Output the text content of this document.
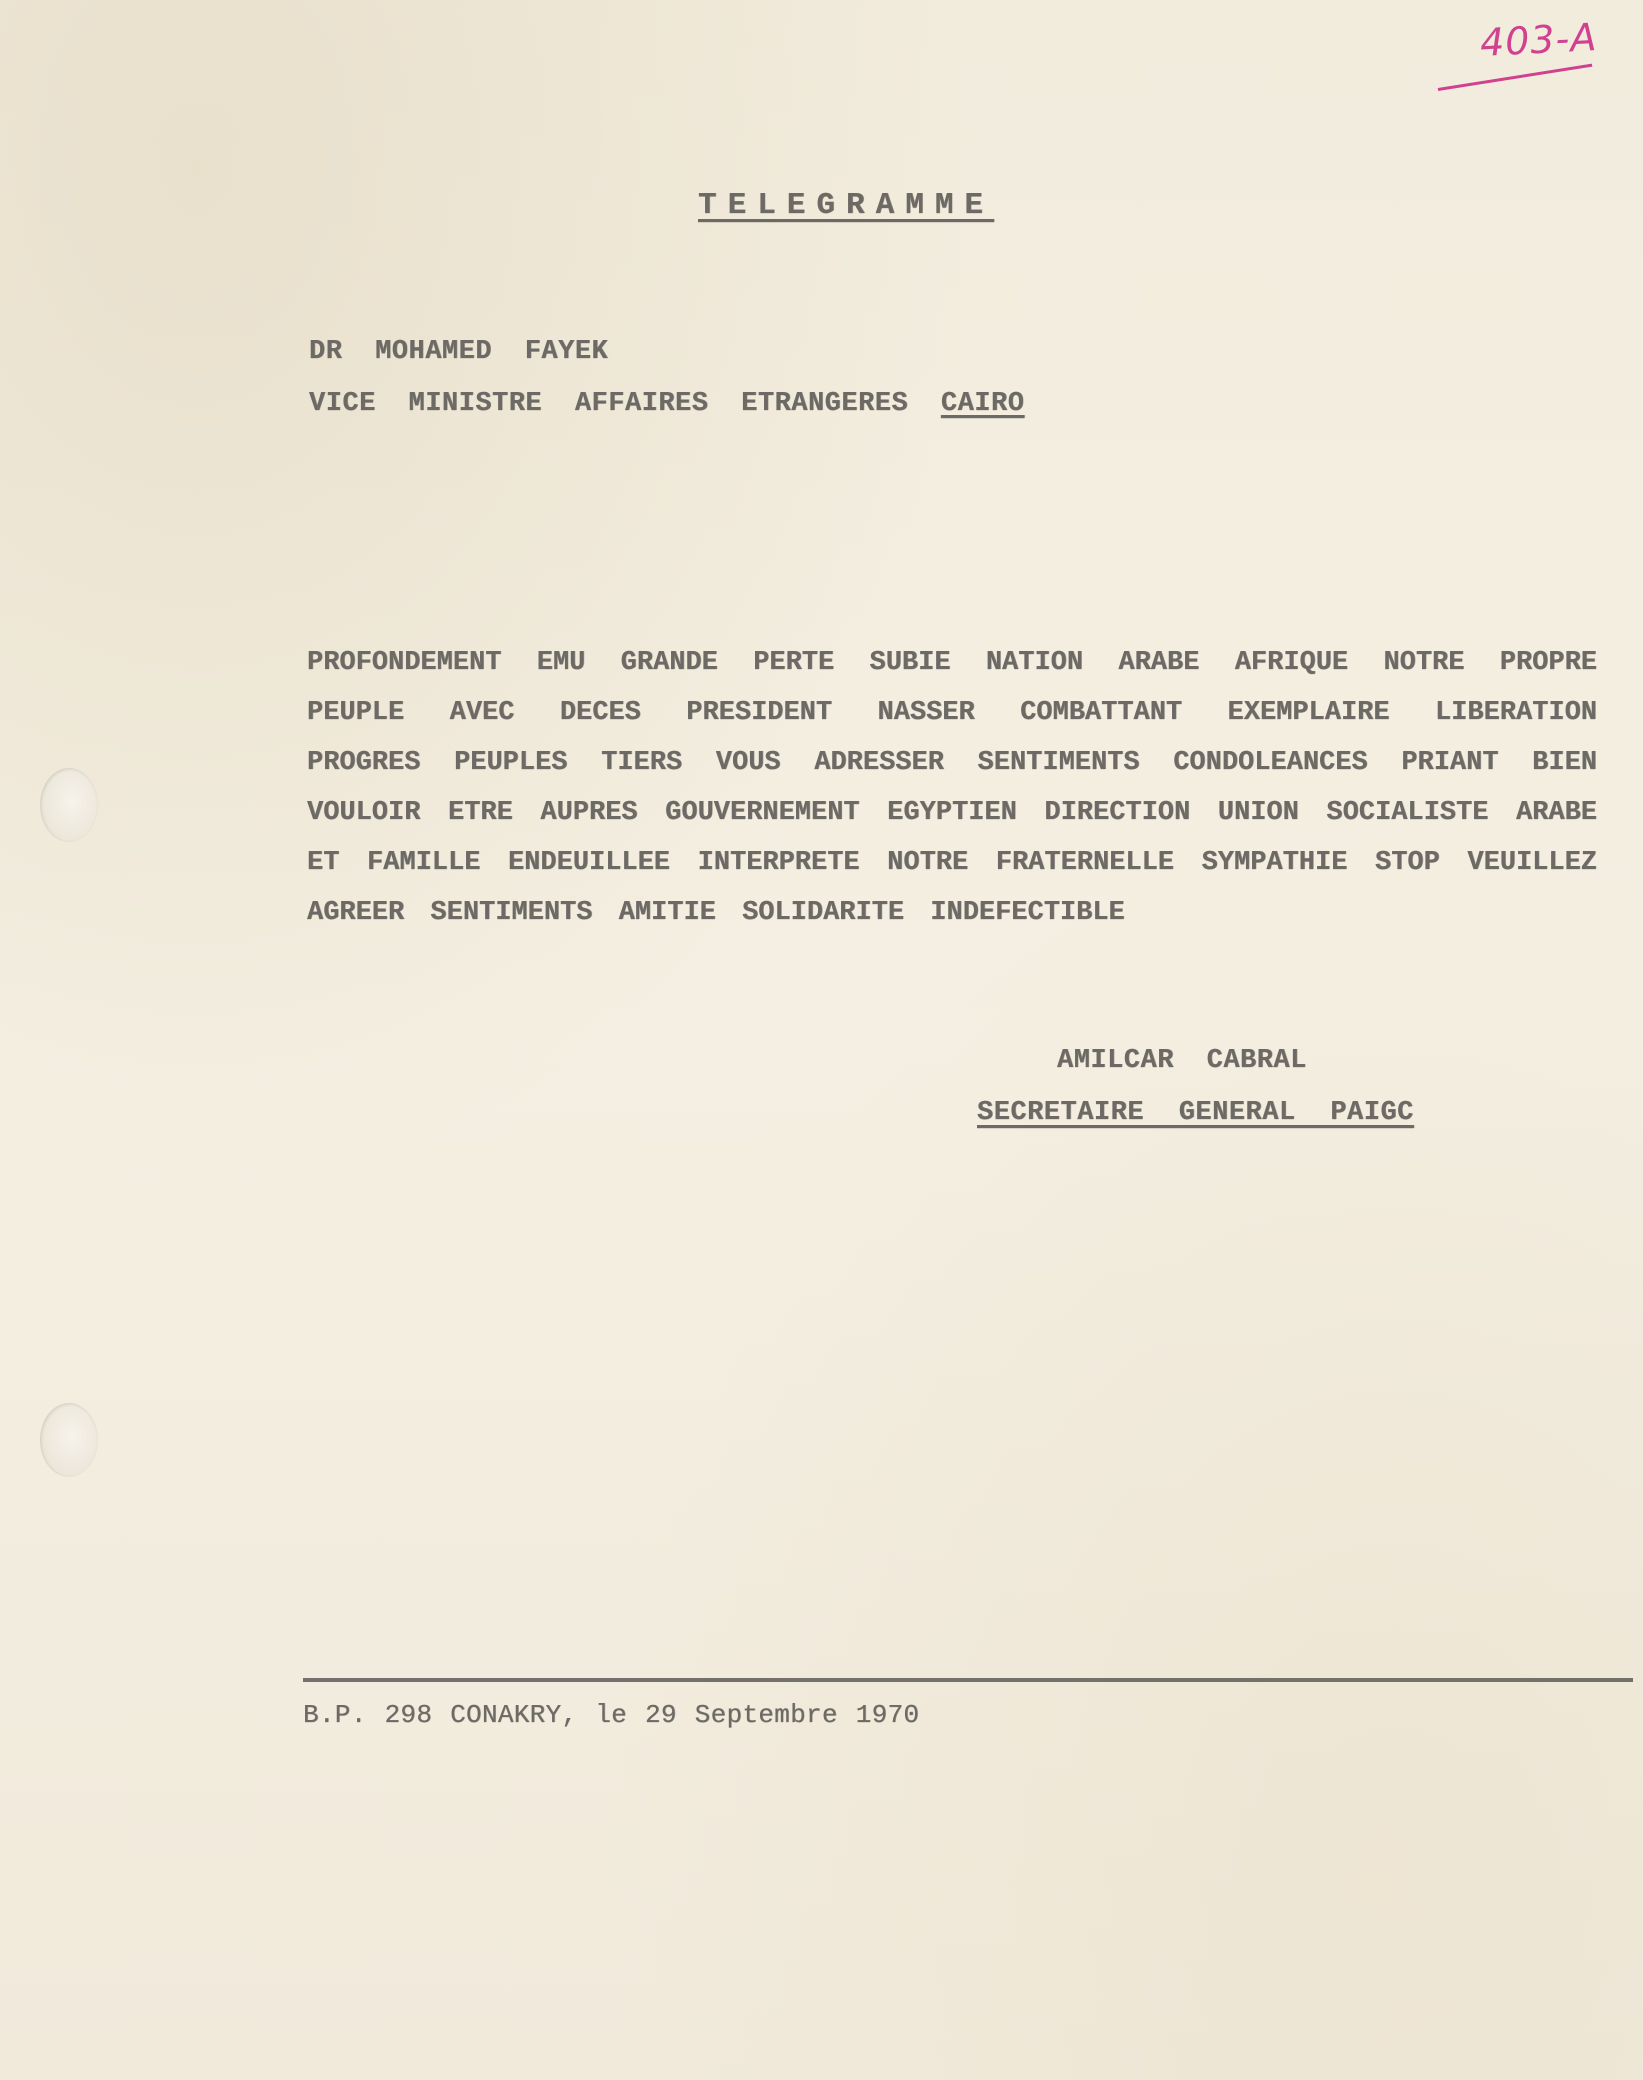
403-A
TELEGRAMME

DR MOHAMED FAYEK

VICE MINISTRE AFFAIRES ETRANGERES CAIRO

PROFONDEMENT EMU GRANDE PERTE SUBIE NATION ARABE AFRIQUE NOTRE PROPRE PEUPLE AVEC DECES PRESIDENT NASSER COMBATTANT EXEMPLAIRE LIBERATION PROGRES PEUPLES TIERS VOUS ADRESSER SENTIMENTS CONDOLEANCES PRIANT BIEN VOULOIR ETRE AUPRES GOUVERNEMENT EGYPTIEN DIRECTION UNION SOCIALISTE ARABE ET FAMILLE ENDEUILLEE INTERPRETE NOTRE FRATERNELLE SYMPATHIE STOP VEUILLEZ AGREER SENTIMENTS AMITIE SOLIDARITE INDEFECTIBLE

AMILCAR CABRAL

SECRETAIRE GENERAL PAIGC

B.P. 298 CONAKRY, le 29 Septembre 1970
